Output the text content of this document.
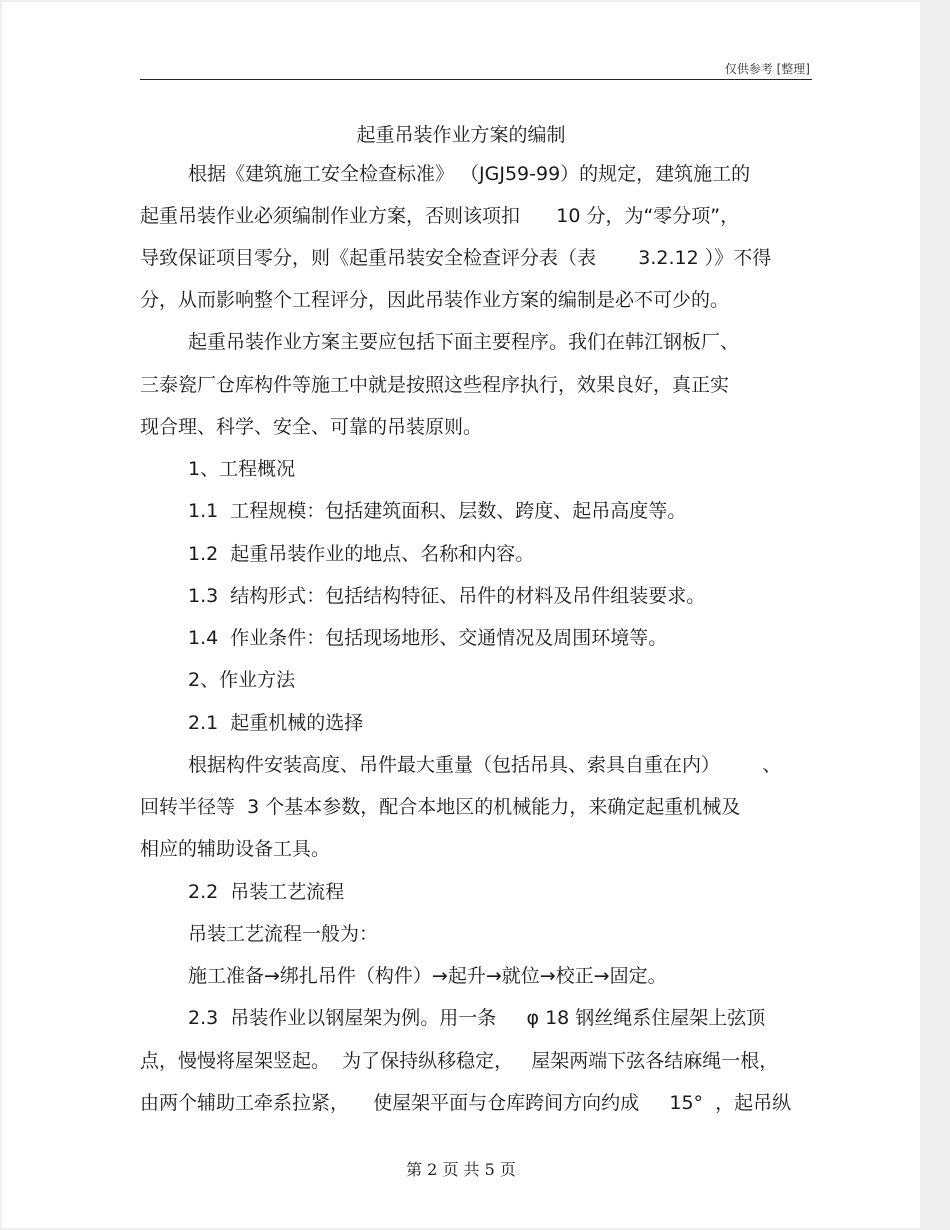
仅供参考 [整理]
起重吊装作业方案的编制
根据《建筑施工安全检查标准》 （JGJ59-99）的规定，建筑施工的
起重吊装作业必须编制作业方案，否则该项扣      10 分，为“零分项”，
导致保证项目零分，则《起重吊装安全检查评分表（表       3.2.12 ）》不得
分，从而影响整个工程评分，因此吊装作业方案的编制是必不可少的。
起重吊装作业方案主要应包括下面主要程序。我们在韩江钢板厂、
三泰瓷厂仓库构件等施工中就是按照这些程序执行，效果良好，真正实
现合理、科学、安全、可靠的吊装原则。
1、工程概况
1.1  工程规模：包括建筑面积、层数、跨度、起吊高度等。
1.2  起重吊装作业的地点、名称和内容。
1.3  结构形式：包括结构特征、吊件的材料及吊件组装要求。
1.4  作业条件：包括现场地形、交通情况及周围环境等。
2、作业方法
2.1  起重机械的选择
根据构件安装高度、吊件最大重量（包括吊具、索具自重在内）       、
回转半径等  3 个基本参数，配合本地区的机械能力，来确定起重机械及
相应的辅助设备工具。
2.2  吊装工艺流程
吊装工艺流程一般为：
施工准备→绑扎吊件（构件）→起升→就位→校正→固定。
2.3  吊装作业以钢屋架为例。用一条     φ 18 钢丝绳系住屋架上弦顶
点，慢慢将屋架竖起。  为了保持纵移稳定，   屋架两端下弦各结麻绳一根，
由两个辅助工牵系拉紧，    使屋架平面与仓库跨间方向约成     15°  ，起吊纵
第 2 页 共 5 页
